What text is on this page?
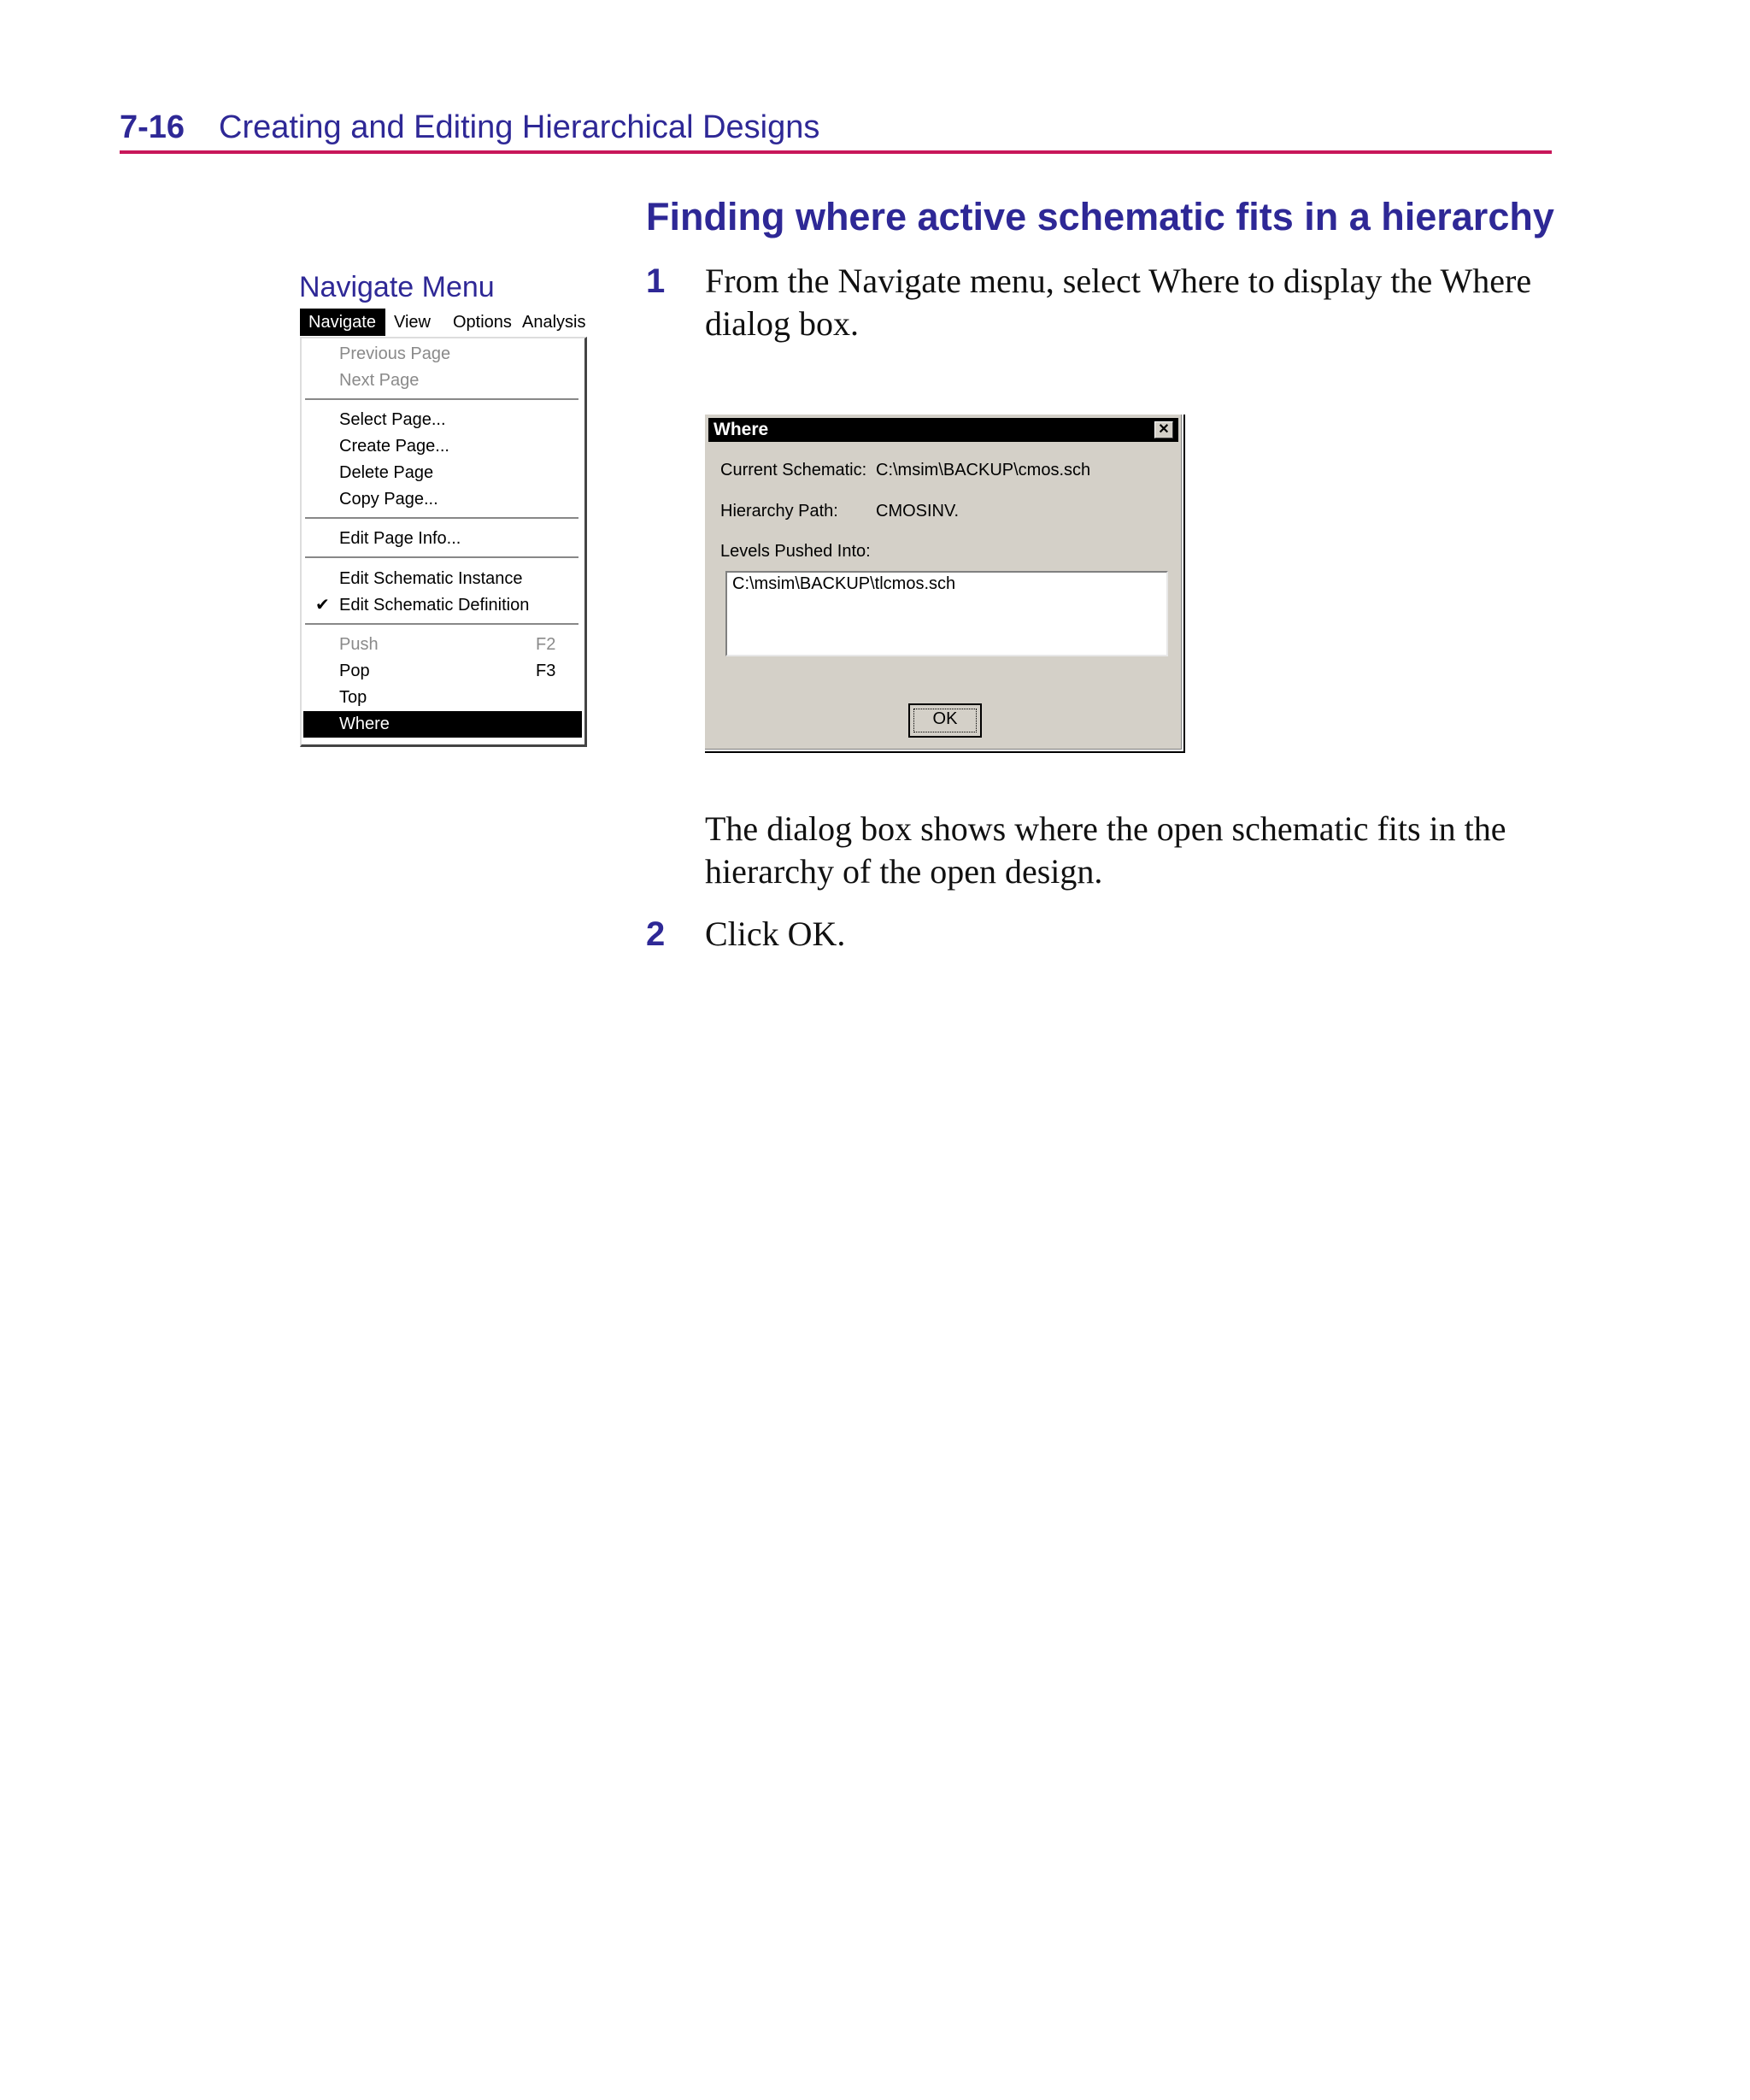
7-16 Creating and Editing Hierarchical Designs
Finding where active schematic fits in a hierarchy
1 From the Navigate menu, select Where to display the Where dialog box.
Navigate Menu
Navigate	View	Options Analysis
Previous Page
Next Page
Select Page...
Create Page...
Delete Page
Copy Page...
Edit Page Info...
Edit Schematic Instance
✔ Edit Schematic Definition
Push	F2
Pop	F3
Top
Where
Where	✕
Current Schematic: C:\msim\BACKUP\cmos.sch
Hierarchy Path: CMOSINV.
Levels Pushed Into:
C:\msim\BACKUP\tlcmos.sch
OK
The dialog box shows where the open schematic fits in the hierarchy of the open design.
2 Click OK.
